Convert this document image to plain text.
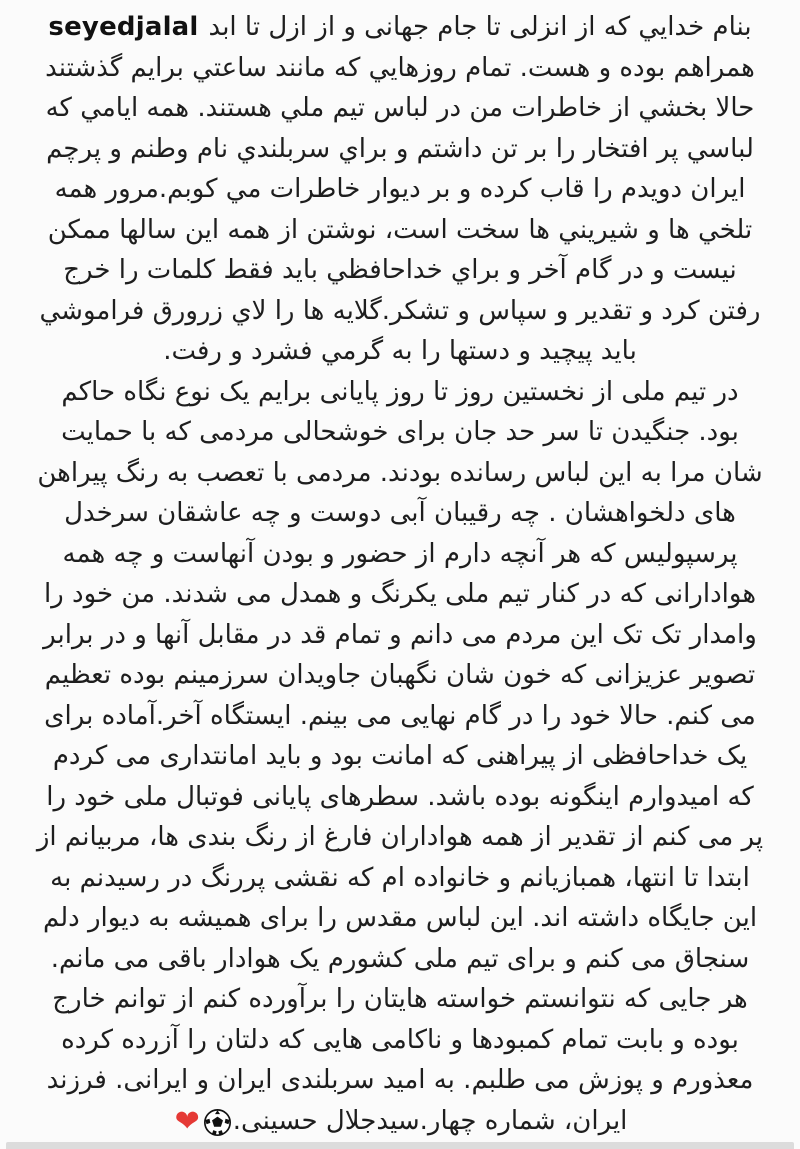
seyedjalal بنام خدايي كه از انزلی تا جام جهانی و از ازل تا ابد
همراهم بوده و هست. تمام روزهايي كه مانند ساعتي برايم گذشتند
حالا بخشي از خاطرات من در لباس تيم ملي هستند. همه ايامي كه
لباسي پر افتخار را بر تن داشتم و براي سربلندي نام وطنم و پرچم
ايران دويدم را قاب كرده و بر ديوار خاطرات مي كوبم.مرور همه
تلخي ها و شيريني ها سخت است، نوشتن از همه اين سالها ممكن
نيست و در گام آخر و براي خداحافظي بايد فقط كلمات را خرج
رفتن كرد و تقدير و سپاس و تشكر.گلايه ها را لاي زرورق فراموشي
بايد پيچيد و دستها را به گرمي فشرد و رفت.
در تیم ملی از نخستین روز تا روز پایانی برایم یک نوع نگاه حاکم
بود. جنگیدن تا سر حد جان برای خوشحالی مردمی که با حمایت
شان مرا به این لباس رسانده بودند. مردمی با تعصب به رنگ پیراهن
های دلخواهشان . چه رقیبان آبی دوست و چه عاشقان سرخدل
پرسپولیس که هر آنچه دارم از حضور و بودن آنهاست و چه همه
هوادارانی که در کنار تیم ملی یکرنگ و همدل می شدند. من خود را
وامدار تک تک این مردم می دانم و تمام قد در مقابل آنها و در برابر
تصویر عزیزانی که خون شان نگهبان جاویدان سرزمینم بوده تعظیم
می کنم. حالا خود را در گام نهایی می بینم. ایستگاه آخر.آماده برای
یک خداحافظی از پیراهنی که امانت بود و باید امانتداری می کردم
که امیدوارم اینگونه بوده باشد. سطرهای پایانی فوتبال ملی خود را
پر می کنم از تقدیر از همه هواداران فارغ از رنگ بندی ها، مربیانم از
ابتدا تا انتها، همبازیانم و خانواده ام که نقشی پررنگ در رسیدنم به
این جایگاه داشته اند. این لباس مقدس را برای همیشه به دیوار دلم
سنجاق می کنم و برای تیم ملی کشورم یک هوادار باقی می مانم.
هر جایی که نتوانستم خواسته هایتان را برآورده کنم از توانم خارج
بوده و بابت تمام کمبودها و ناکامی هایی که دلتان را آزرده کرده
معذورم و پوزش می طلبم. به امید سربلندی ایران و ایرانی. فرزند
ایران، شماره چهار.سیدجلال حسینی.❤
